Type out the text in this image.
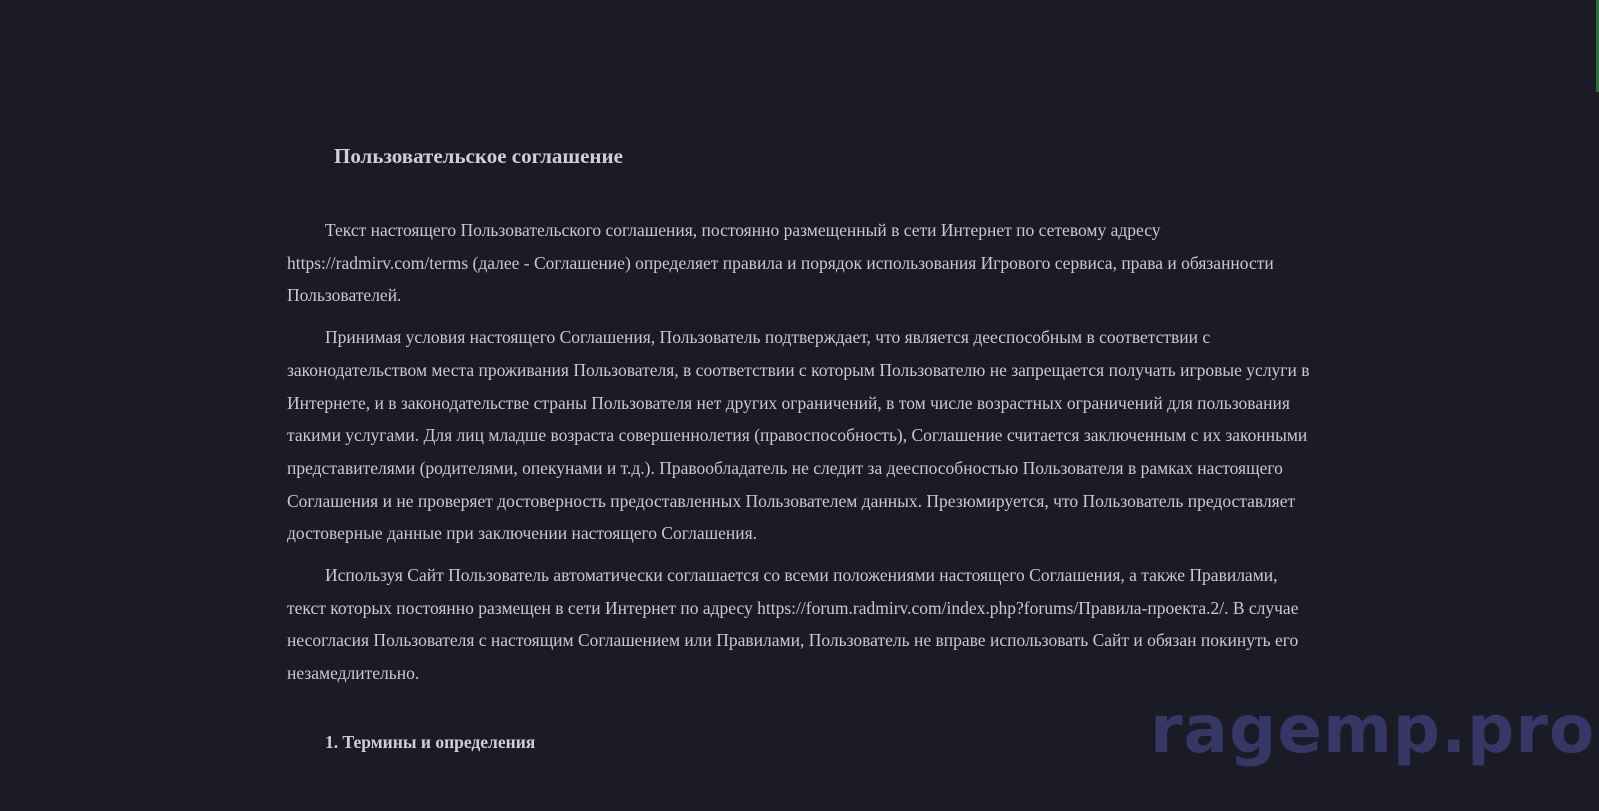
Пользовательское соглашение

Текст настоящего Пользовательского соглашения, постоянно размещенный в сети Интернет по сетевому адресу https://radmirv.com/terms (далее - Соглашение) определяет правила и порядок использования Игрового сервиса, права и обязанности Пользователей.

Принимая условия настоящего Соглашения, Пользователь подтверждает, что является дееспособным в соответствии с законодательством места проживания Пользователя, в соответствии с которым Пользователю не запрещается получать игровые услуги в Интернете, и в законодательстве страны Пользователя нет других ограничений, в том числе возрастных ограничений для пользования такими услугами. Для лиц младше возраста совершеннолетия (правоспособность), Соглашение считается заключенным с их законными представителями (родителями, опекунами и т.д.). Правообладатель не следит за дееспособностью Пользователя в рамках настоящего Соглашения и не проверяет достоверность предоставленных Пользователем данных. Презюмируется, что Пользователь предоставляет достоверные данные при заключении настоящего Соглашения.

Используя Сайт Пользователь автоматически соглашается со всеми положениями настоящего Соглашения, а также Правилами, текст которых постоянно размещен в сети Интернет по адресу https://forum.radmirv.com/index.php?forums/Правила-проекта.2/. В случае несогласия Пользователя с настоящим Соглашением или Правилами, Пользователь не вправе использовать Сайт и обязан покинуть его незамедлительно.

1. Термины и определения	ragemp.pro
